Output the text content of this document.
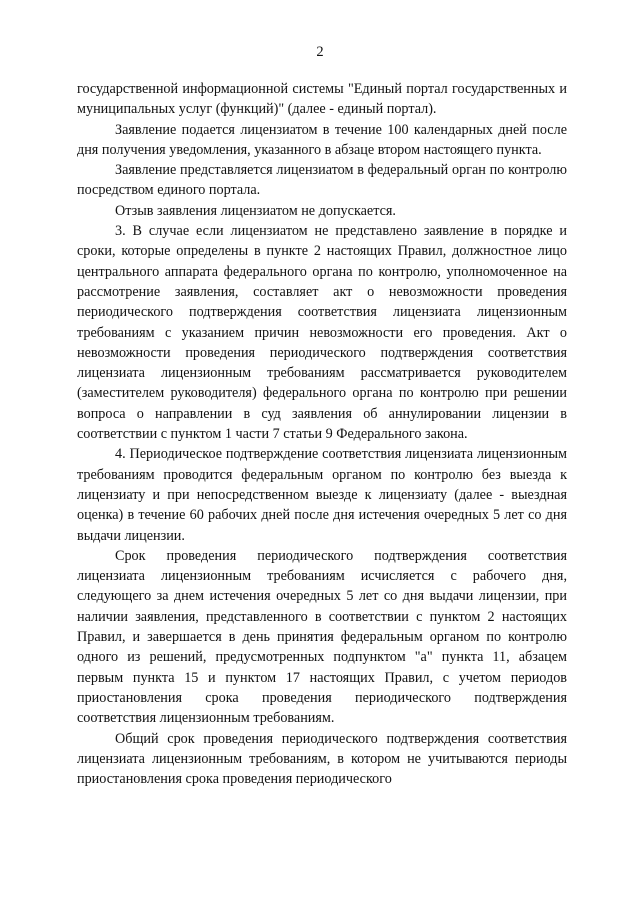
2

государственной информационной системы "Единый портал государственных и муниципальных услуг (функций)" (далее - единый портал).

Заявление подается лицензиатом в течение 100 календарных дней после дня получения уведомления, указанного в абзаце втором настоящего пункта.

Заявление представляется лицензиатом в федеральный орган по контролю посредством единого портала.

Отзыв заявления лицензиатом не допускается.

3. В случае если лицензиатом не представлено заявление в порядке и сроки, которые определены в пункте 2 настоящих Правил, должностное лицо центрального аппарата федерального органа по контролю, уполномоченное на рассмотрение заявления, составляет акт о невозможности проведения периодического подтверждения соответствия лицензиата лицензионным требованиям с указанием причин невозможности его проведения. Акт о невозможности проведения периодического подтверждения соответствия лицензиата лицензионным требованиям рассматривается руководителем (заместителем руководителя) федерального органа по контролю при решении вопроса о направлении в суд заявления об аннулировании лицензии в соответствии с пунктом 1 части 7 статьи 9 Федерального закона.

4. Периодическое подтверждение соответствия лицензиата лицензионным требованиям проводится федеральным органом по контролю без выезда к лицензиату и при непосредственном выезде к лицензиату (далее - выездная оценка) в течение 60 рабочих дней после дня истечения очередных 5 лет со дня выдачи лицензии.

Срок проведения периодического подтверждения соответствия лицензиата лицензионным требованиям исчисляется с рабочего дня, следующего за днем истечения очередных 5 лет со дня выдачи лицензии, при наличии заявления, представленного в соответствии с пунктом 2 настоящих Правил, и завершается в день принятия федеральным органом по контролю одного из решений, предусмотренных подпунктом "а" пункта 11, абзацем первым пункта 15 и пунктом 17 настоящих Правил, с учетом периодов приостановления срока проведения периодического подтверждения соответствия лицензионным требованиям.

Общий срок проведения периодического подтверждения соответствия лицензиата лицензионным требованиям, в котором не учитываются периоды приостановления срока проведения периодического
